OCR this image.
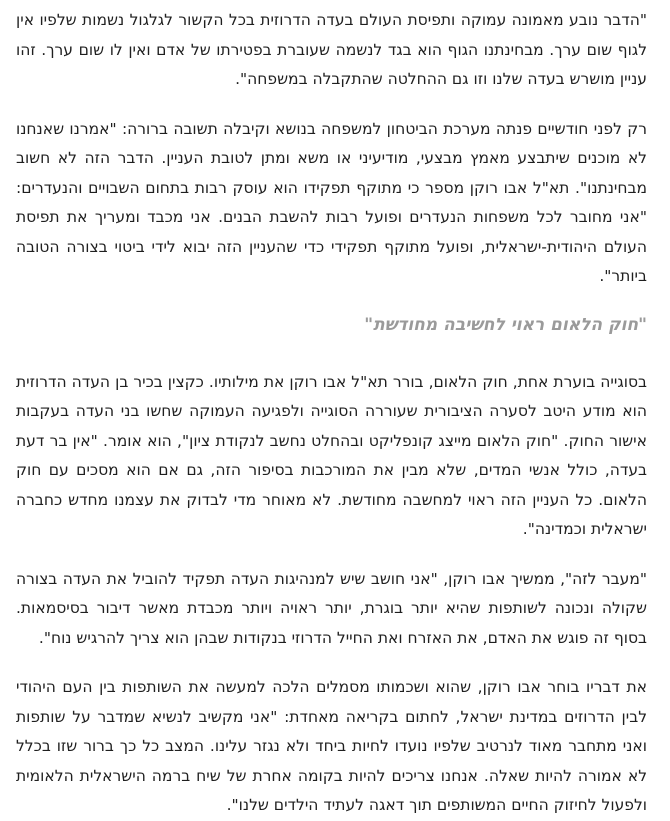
"הדבר נובע מאמונה עמוקה ותפיסת העולם בעדה הדרוזית בכל הקשור לגלגול נשמות שלפיו אין לגוף שום ערך. מבחינתנו הגוף הוא בגד לנשמה שעוברת בפטירתו של אדם ואין לו שום ערך. זהו עניין מושרש בעדה שלנו וזו גם ההחלטה שהתקבלה במשפחה".

רק לפני חודשיים פנתה מערכת הביטחון למשפחה בנושא וקיבלה תשובה ברורה: "אמרנו שאנחנו לא מוכנים שיתבצע מאמץ מבצעי, מודיעיני או משא ומתן לטובת העניין. הדבר הזה לא חשוב מבחינתנו". תא"ל אבו רוקן מספר כי מתוקף תפקידו הוא עוסק רבות בתחום השבויים והנעדרים: "אני מחובר לכל משפחות הנעדרים ופועל רבות להשבת הבנים. אני מכבד ומעריך את תפיסת העולם היהודית-ישראלית, ופועל מתוקף תפקידי כדי שהעניין הזה יבוא לידי ביטוי בצורה הטובה ביותר".

"חוק הלאום ראוי לחשיבה מחודשת"

בסוגייה בוערת אחת, חוק הלאום, בורר תא"ל אבו רוקן את מילותיו. כקצין בכיר בן העדה הדרוזית הוא מודע היטב לסערה הציבורית שעוררה הסוגייה ולפגיעה העמוקה שחשו בני העדה בעקבות אישור החוק. "חוק הלאום מייצג קונפליקט ובהחלט נחשב לנקודת ציון", הוא אומר. "אין בר דעת בעדה, כולל אנשי המדים, שלא מבין את המורכבות בסיפור הזה, גם אם הוא מסכים עם חוק הלאום. כל העניין הזה ראוי למחשבה מחודשת. לא מאוחר מדי לבדוק את עצמנו מחדש כחברה ישראלית וכמדינה".

"מעבר לזה", ממשיך אבו רוקן, "אני חושב שיש למנהיגות העדה תפקיד להוביל את העדה בצורה שקולה ונכונה לשותפות שהיא יותר בוגרת, יותר ראויה ויותר מכבדת מאשר דיבור בסיסמאות. בסוף זה פוגש את האדם, את האזרח ואת החייל הדרוזי בנקודות שבהן הוא צריך להרגיש נוח".

את דבריו בוחר אבו רוקן, שהוא ושכמותו מסמלים הלכה למעשה את השותפות בין העם היהודי לבין הדרוזים במדינת ישראל, לחתום בקריאה מאחדת: "אני מקשיב לנשיא שמדבר על שותפות ואני מתחבר מאוד לנרטיב שלפיו נועדו לחיות ביחד ולא נגזר עלינו. המצב כל כך ברור שזו בכלל לא אמורה להיות שאלה. אנחנו צריכים להיות בקומה אחרת של שיח ברמה הישראלית הלאומית ולפעול לחיזוק החיים המשותפים תוך דאגה לעתיד הילדים שלנו".
